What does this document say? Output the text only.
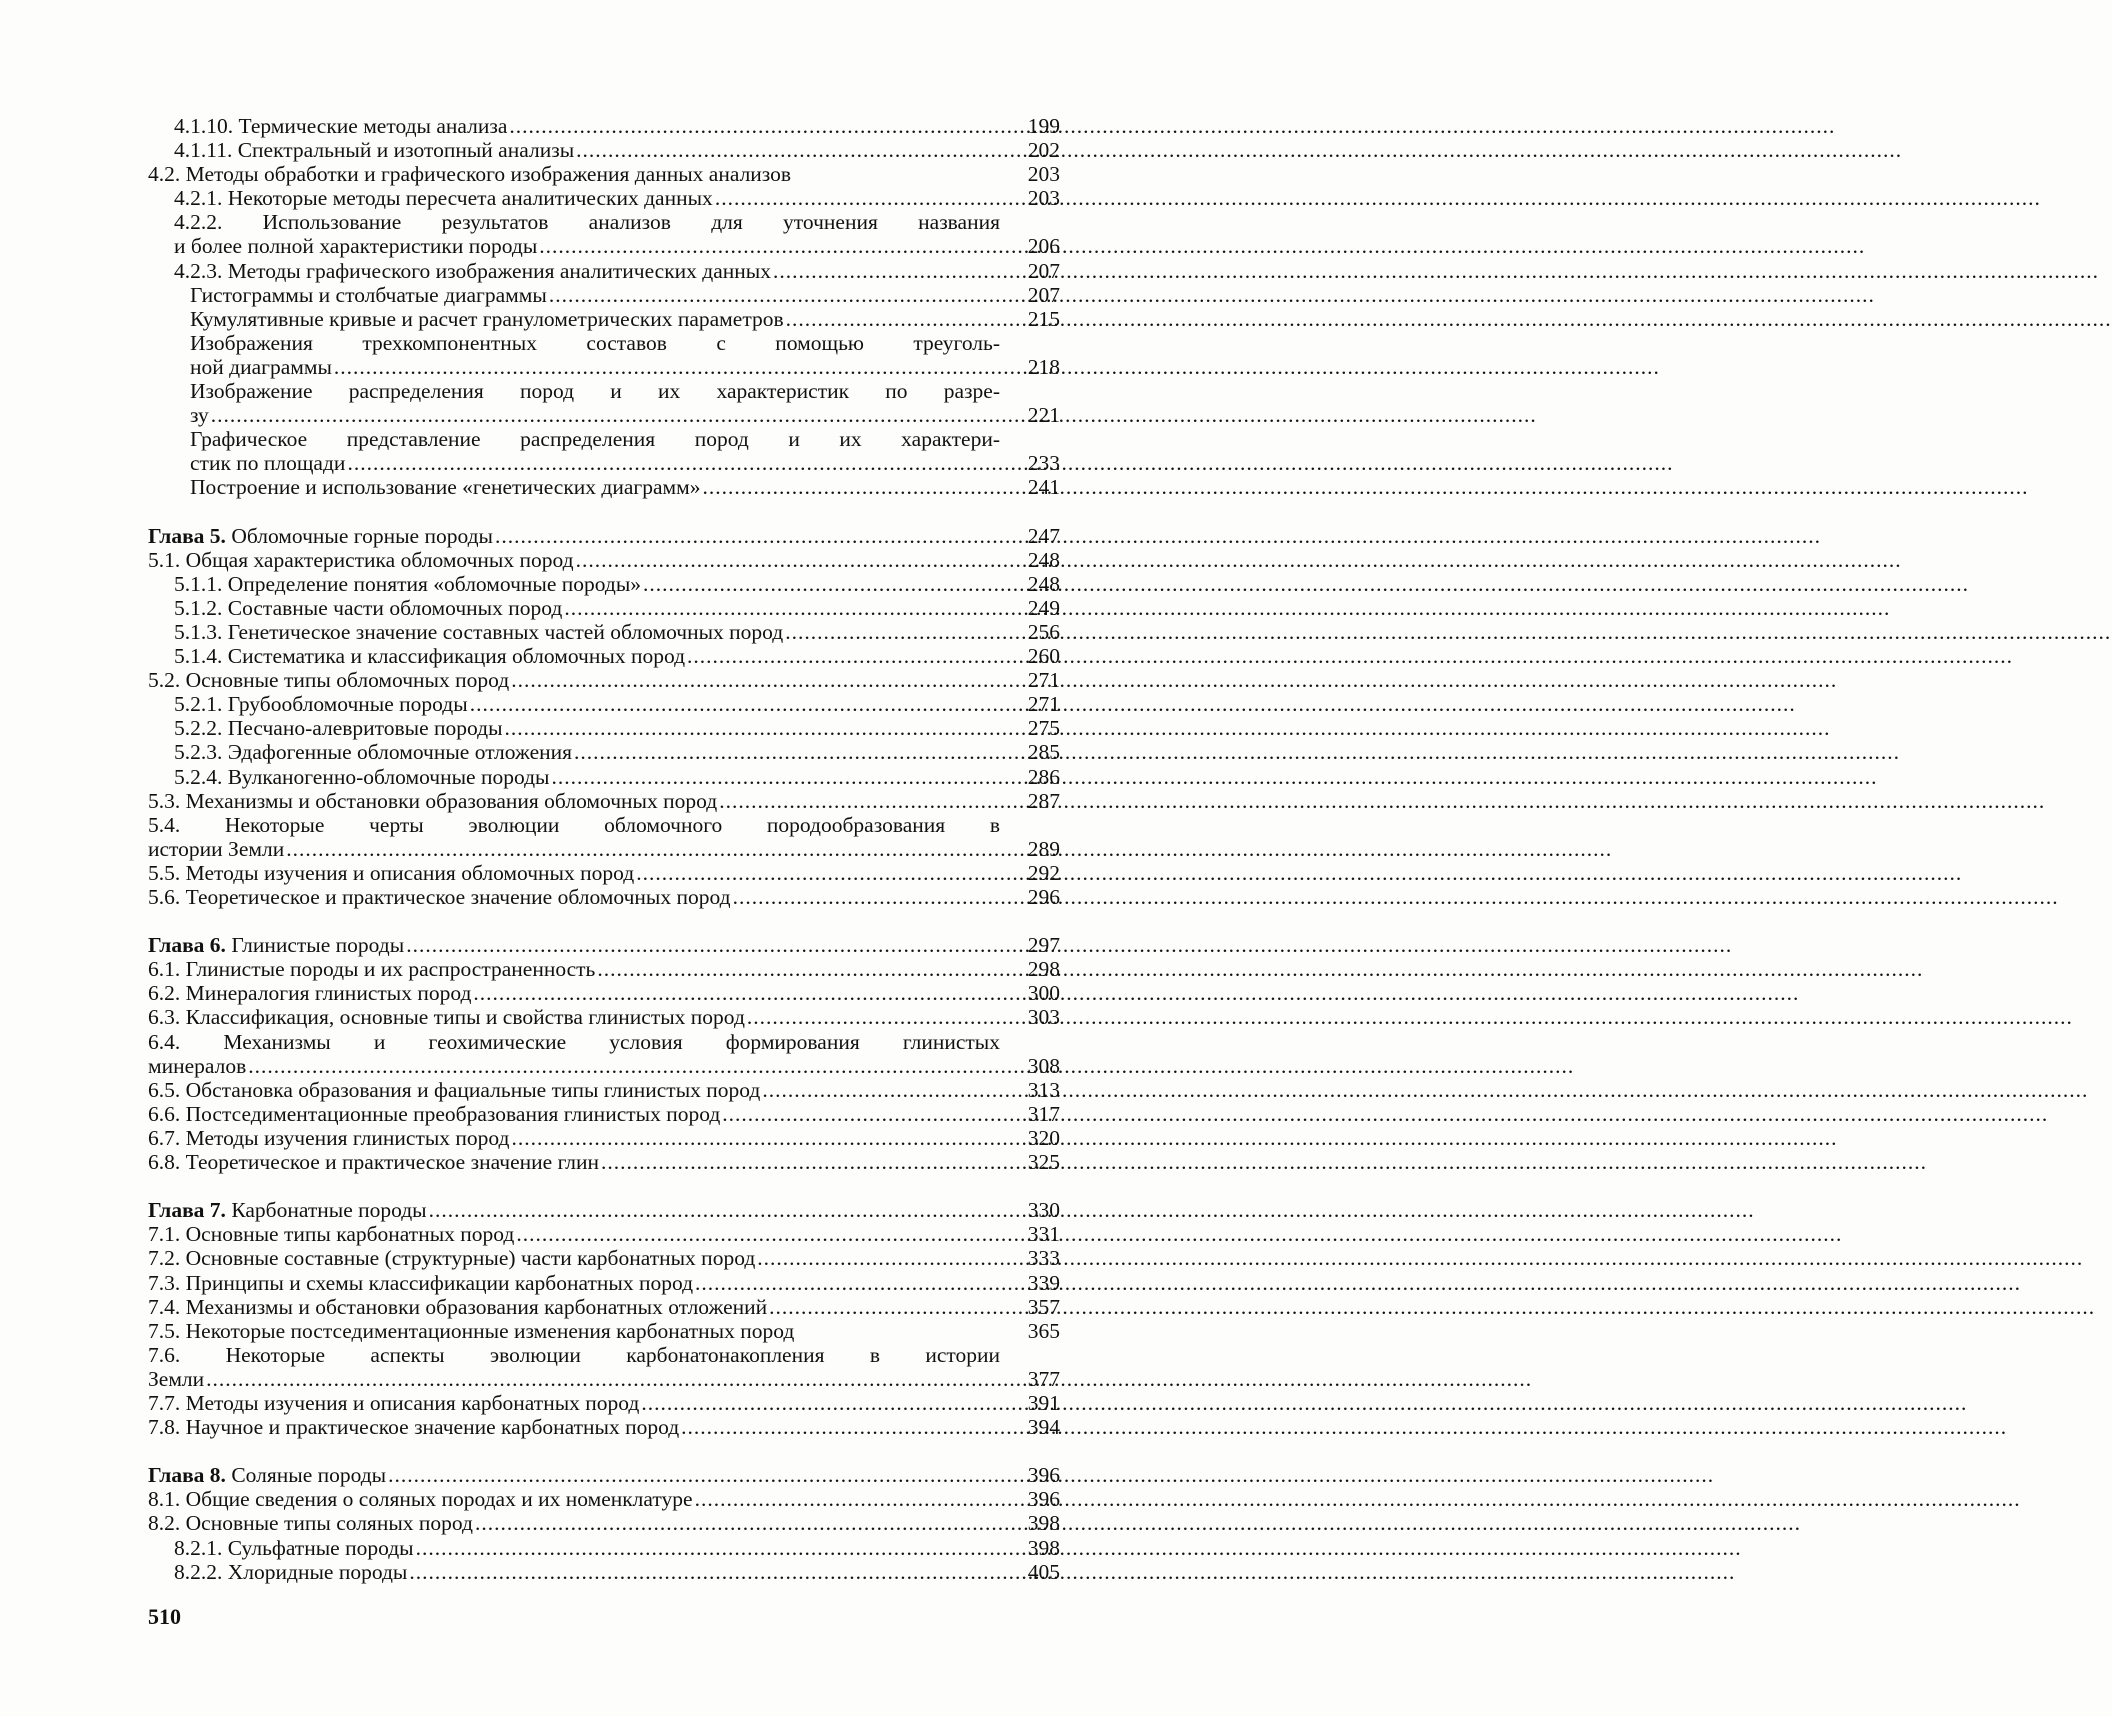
4.1.10. Термические методы анализа .....	199
4.1.11. Спектральный и изотопный анализы .....	202
4.2. Методы обработки и графического изображения данных анализов	203
4.2.1. Некоторые методы пересчета аналитических данных .....	203
4.2.2. Использование результатов анализов для уточнения названия
и более полной характеристики породы .....	206
4.2.3. Методы графического изображения аналитических данных .....	207
Гистограммы и столбчатые диаграммы .....	207
Кумулятивные кривые и расчет гранулометрических параметров .....	215
Изображения трехкомпонентных составов с помощью треуголь-
ной диаграммы .....	218
Изображение распределения пород и их характеристик по разре-
зу .....	221
Графическое представление распределения пород и их характери-
стик по площади .....	233
Построение и использование «генетических диаграмм» .....	241
Глава 5. Обломочные горные породы .....	247
5.1. Общая характеристика обломочных пород .....	248
5.1.1. Определение понятия «обломочные породы» .....	248
5.1.2. Составные части обломочных пород .....	249
5.1.3. Генетическое значение составных частей обломочных пород .....	256
5.1.4. Систематика и классификация обломочных пород .....	260
5.2. Основные типы обломочных пород .....	271
5.2.1. Грубообломочные породы .....	271
5.2.2. Песчано-алевритовые породы .....	275
5.2.3. Эдафогенные обломочные отложения .....	285
5.2.4. Вулканогенно-обломочные породы .....	286
5.3. Механизмы и обстановки образования обломочных пород .....	287
5.4. Некоторые черты эволюции обломочного породообразования в
истории Земли .....	289
5.5. Методы изучения и описания обломочных пород .....	292
5.6. Теоретическое и практическое значение обломочных пород .....	296
Глава 6. Глинистые породы .....	297
6.1. Глинистые породы и их распространенность .....	298
6.2. Минералогия глинистых пород .....	300
6.3. Классификация, основные типы и свойства глинистых пород .....	303
6.4. Механизмы и геохимические условия формирования глинистых
минералов .....	308
6.5. Обстановка образования и фациальные типы глинистых пород .....	313
6.6. Постседиментационные преобразования глинистых пород .....	317
6.7. Методы изучения глинистых пород .....	320
6.8. Теоретическое и практическое значение глин .....	325
Глава 7. Карбонатные породы .....	330
7.1. Основные типы карбонатных пород .....	331
7.2. Основные составные (структурные) части карбонатных пород .....	333
7.3. Принципы и схемы классификации карбонатных пород .....	339
7.4. Механизмы и обстановки образования карбонатных отложений .....	357
7.5. Некоторые постседиментационные изменения карбонатных пород	365
7.6. Некоторые аспекты эволюции карбонатонакопления в истории
Земли .....	377
7.7. Методы изучения и описания карбонатных пород .....	391
7.8. Научное и практическое значение карбонатных пород .....	394
Глава 8. Соляные породы .....	396
8.1. Общие сведения о соляных породах и их номенклатуре .....	396
8.2. Основные типы соляных пород .....	398
8.2.1. Сульфатные породы .....	398
8.2.2. Хлоридные породы .....	405
510
